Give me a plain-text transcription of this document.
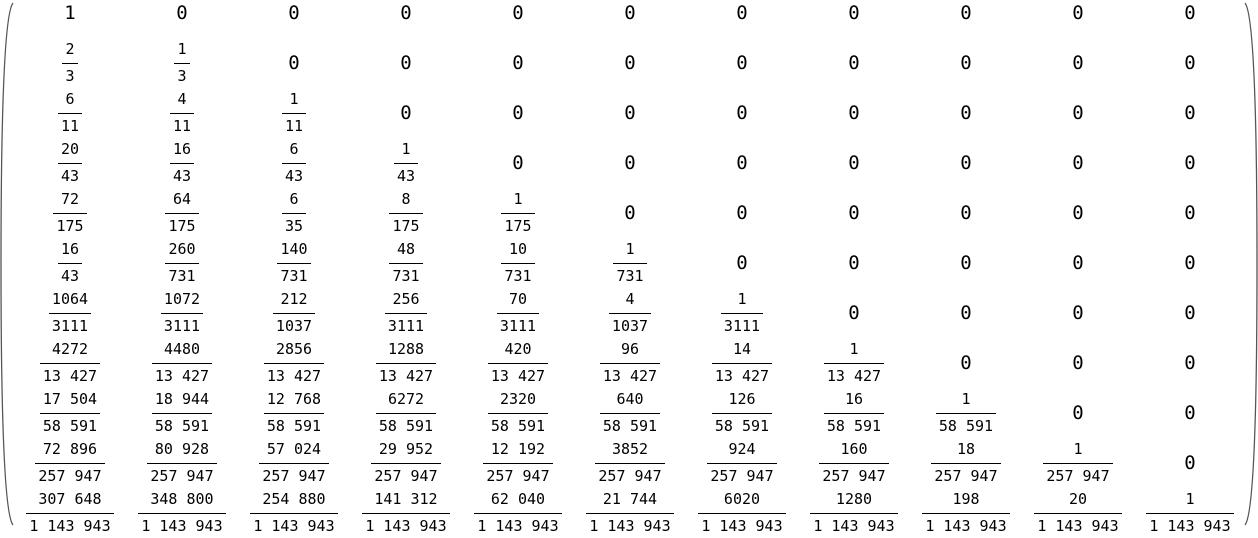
1	0	0	0	0	0	0	0	0	0	0
$\frac{2}{3}$	$\frac{1}{3}$	0	0	0	0	0	0	0	0	0
$\frac{6}{11}$	$\frac{4}{11}$	$\frac{1}{11}$	0	0	0	0	0	0	0	0
$\frac{20}{43}$	$\frac{16}{43}$	$\frac{6}{43}$	$\frac{1}{43}$	0	0	0	0	0	0	0
$\frac{72}{175}$	$\frac{64}{175}$	$\frac{6}{35}$	$\frac{8}{175}$	$\frac{1}{175}$	0	0	0	0	0	0
$\frac{16}{43}$	$\frac{260}{731}$	$\frac{140}{731}$	$\frac{48}{731}$	$\frac{10}{731}$	$\frac{1}{731}$	0	0	0	0	0
$\frac{1064}{3111}$	$\frac{1072}{3111}$	$\frac{212}{1037}$	$\frac{256}{3111}$	$\frac{70}{3111}$	$\frac{4}{1037}$	$\frac{1}{3111}$	0	0	0	0
$\frac{4272}{13 427}$	$\frac{4480}{13 427}$	$\frac{2856}{13 427}$	$\frac{1288}{13 427}$	$\frac{420}{13 427}$	$\frac{96}{13 427}$	$\frac{14}{13 427}$	$\frac{1}{13 427}$	0	0	0
$\frac{17 504}{58 591}$	$\frac{18 944}{58 591}$	$\frac{12 768}{58 591}$	$\frac{6272}{58 591}$	$\frac{2320}{58 591}$	$\frac{640}{58 591}$	$\frac{126}{58 591}$	$\frac{16}{58 591}$	$\frac{1}{58 591}$	0	0
$\frac{72 896}{257 947}$	$\frac{80 928}{257 947}$	$\frac{57 024}{257 947}$	$\frac{29 952}{257 947}$	$\frac{12 192}{257 947}$	$\frac{3852}{257 947}$	$\frac{924}{257 947}$	$\frac{160}{257 947}$	$\frac{18}{257 947}$	$\frac{1}{257 947}$	0
$\frac{307 648}{1 143 943} \frac{348 800}{1 143 943} \frac{254 880}{1 143 943} \frac{141 312}{1 143 943} \frac{62 040}{1 143 943} \frac{21 744}{1 143 943} \frac{6020}{1 143 943} \frac{1280}{1 143 943} \frac{198}{1 143 943} \frac{20}{1 143 943} \frac{1}{1 143 943}$
